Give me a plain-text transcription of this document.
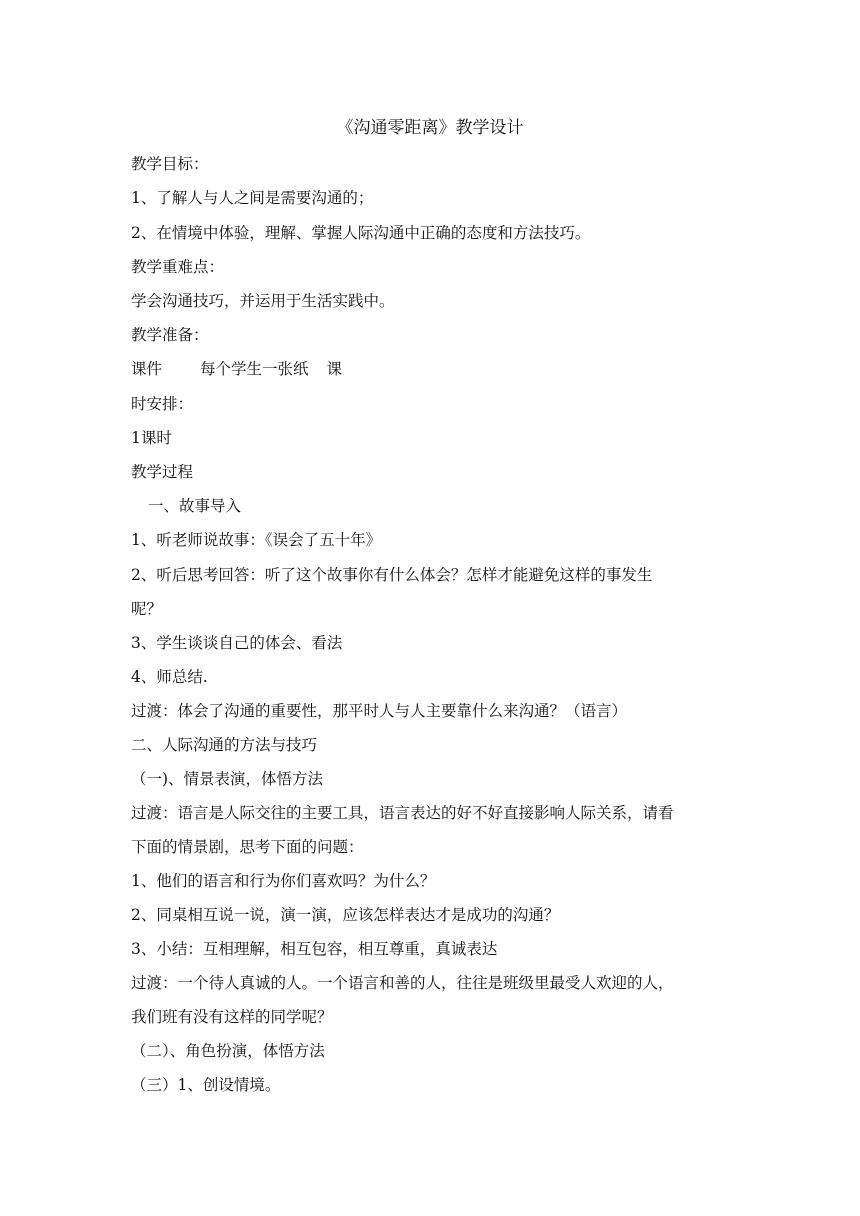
《沟通零距离》教学设计
教学目标：
1、了解人与人之间是需要沟通的；
2、在情境中体验，理解、掌握人际沟通中正确的态度和方法技巧。
教学重难点：
学会沟通技巧，并运用于生活实践中。
教学准备：
课件 每个学生一张纸 课
时安排：
1课时
教学过程
一、故事导入
1、听老师说故事：《误会了五十年》
2、听后思考回答：听了这个故事你有什么体会？怎样才能避免这样的事发生
呢？
3、学生谈谈自己的体会、看法
4、师总结.
过渡：体会了沟通的重要性，那平时人与人主要靠什么来沟通？（语言）
二、人际沟通的方法与技巧
（一)、情景表演，体悟方法
过渡：语言是人际交往的主要工具，语言表达的好不好直接影响人际关系，请看
下面的情景剧，思考下面的问题：
1、他们的语言和行为你们喜欢吗？为什么？
2、同桌相互说一说，演一演，应该怎样表达才是成功的沟通？
3、小结：互相理解，相互包容，相互尊重，真诚表达
过渡：一个待人真诚的人。一个语言和善的人，往往是班级里最受人欢迎的人，
我们班有没有这样的同学呢？
（二）、角色扮演，体悟方法
（三）1、创设情境。
